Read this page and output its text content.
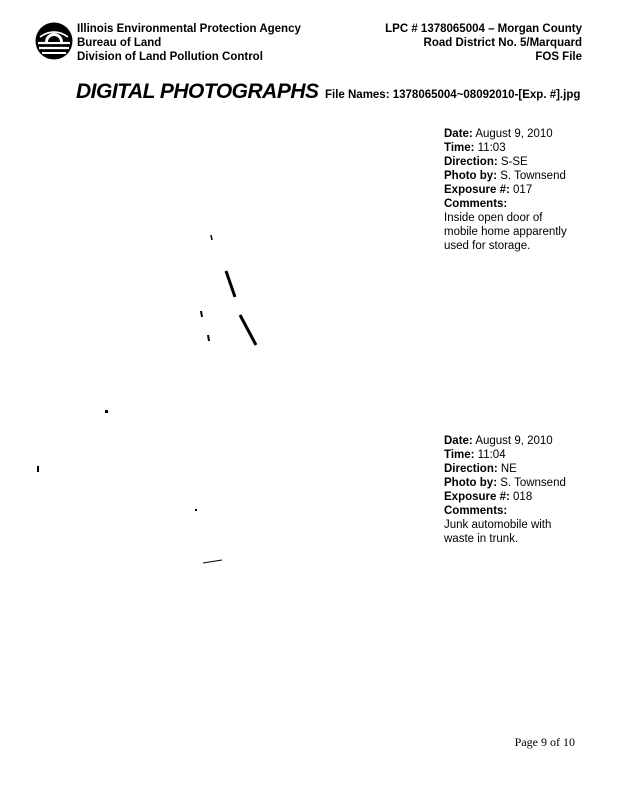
Illinois Environmental Protection Agency
Bureau of Land
Division of Land Pollution Control
LPC # 1378065004 – Morgan County
Road District No. 5/Marquard
FOS File
DIGITAL PHOTOGRAPHS File Names: 1378065004~08092010-[Exp. #].jpg
Date: August 9, 2010
Time: 11:03
Direction: S-SE
Photo by: S. Townsend
Exposure #: 017
Comments:
Inside open door of mobile home apparently used for storage.
Date: August 9, 2010
Time: 11:04
Direction: NE
Photo by: S. Townsend
Exposure #: 018
Comments:
Junk automobile with waste in trunk.
Page 9 of 10
